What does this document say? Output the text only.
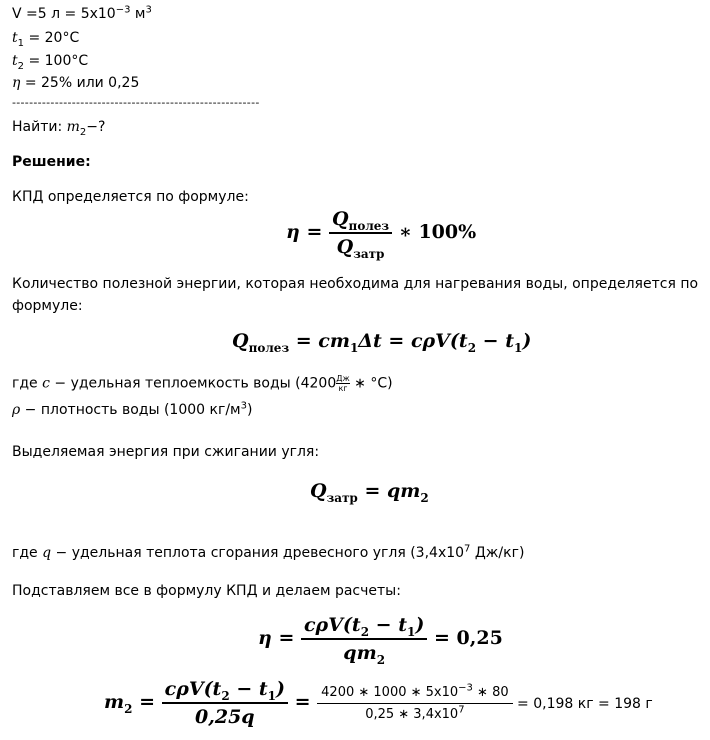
V =5 $л = 5х10^{-3}$ $м^3$
$t_1 = 20^\circ C$
$t_2 = 100^\circ C$
η = 25% или 0,25
----------------------------------------------------------
Найти: $m_2-$?
Решение:
КПД определяется по формуле:
$\eta = \frac{Q_{полез}}{Q_{затр}}$ ∗ 100%
Количество полезной энергии, которая необходима для нагревания воды, определяется по
формуле:
$Q_{полез} = cm_1\Delta t = c\rho V(t_2 - t_1)$
где c − удельная теплоемкость воды (4200 Дж
кг ∗ °C)
ρ − плотность воды (1000 $кг/м^3$)
Выделяемая энергия при сжигании угля:
$Q_{затр} = qm_2$
где q − удельная теплота сгорания древесного угля ($3,4х10^7$ Дж/кг)
Подставляем все в формулу КПД и делаем расчеты:
$\eta = \frac{c\rho V(t_2 - t_1)}{qm_2} = 0,25$
$m_2 = \frac{c\rho V(t_2 - t_1)}{0,25q} = \frac{4200 ∗ 1000 ∗ 5х10^{-3} ∗ 80}{0,25 ∗ 3,4х10^7} = 0,198$ кг = 198 г
